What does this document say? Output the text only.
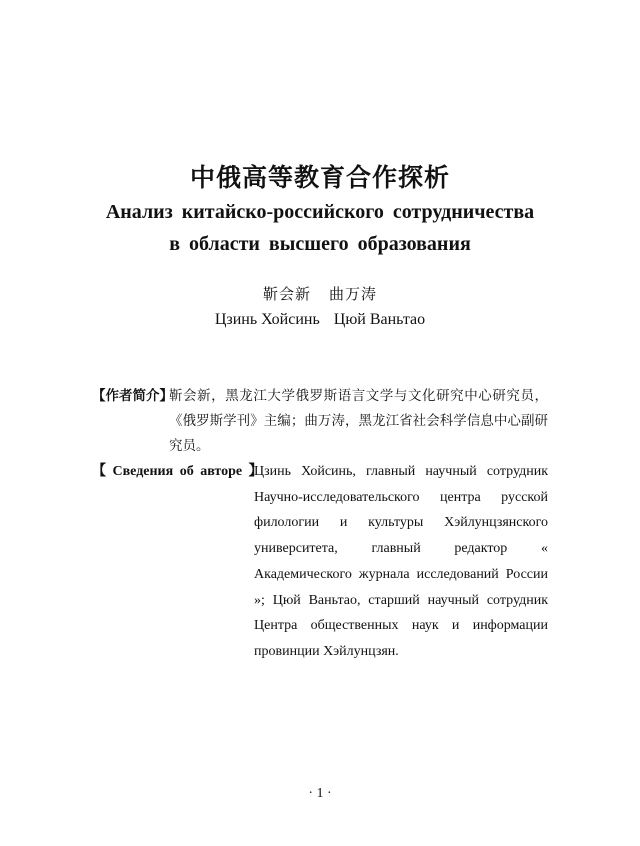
中俄高等教育合作探析
Анализ китайско-российского сотрудничества
в области высшего образования
靳会新 曲万涛
Цзинь Хойсинь Цюй Ваньтао
【作者简介】
靳会新，黑龙江大学俄罗斯语言文学与文化研究中心研究员，《俄罗斯学刊》主编；曲万涛，黑龙江省社会科学信息中心副研究员。
【 Сведения об авторе 】
Цзинь Хойсинь, главный научный сотрудник Научно-исследовательского центра русской филологии и культуры Хэйлунцзянского университета, главный редактор « Академического журнала исследований России »; Цюй Ваньтао, старший научный сотрудник Центра общественных наук и информации провинции Хэйлунцзян.
· 1 ·
